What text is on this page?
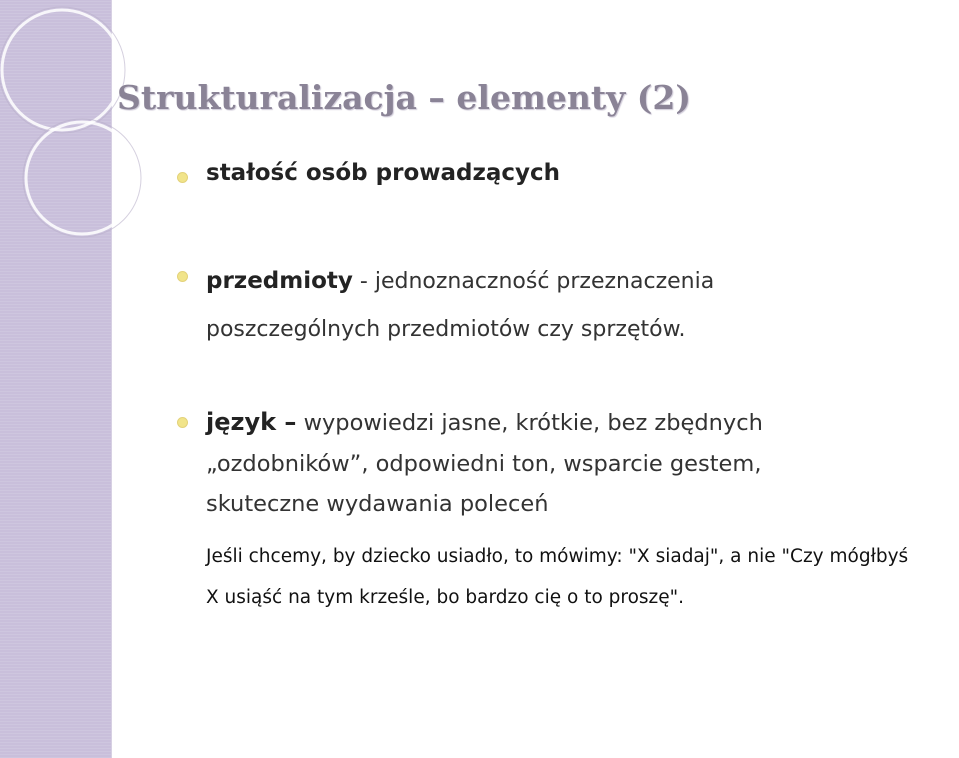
Strukturalizacja – elementy (2)

stałość osób prowadzących

przedmioty - jednoznaczność przeznaczenia
poszczególnych przedmiotów czy sprzętów.

język – wypowiedzi jasne, krótkie, bez zbędnych
„ozdobników”, odpowiedni ton, wsparcie gestem,
skuteczne wydawania poleceń

Jeśli chcemy, by dziecko usiadło, to mówimy: "X siadaj", a nie "Czy mógłbyś

X usiąść na tym krześle, bo bardzo cię o to proszę".
